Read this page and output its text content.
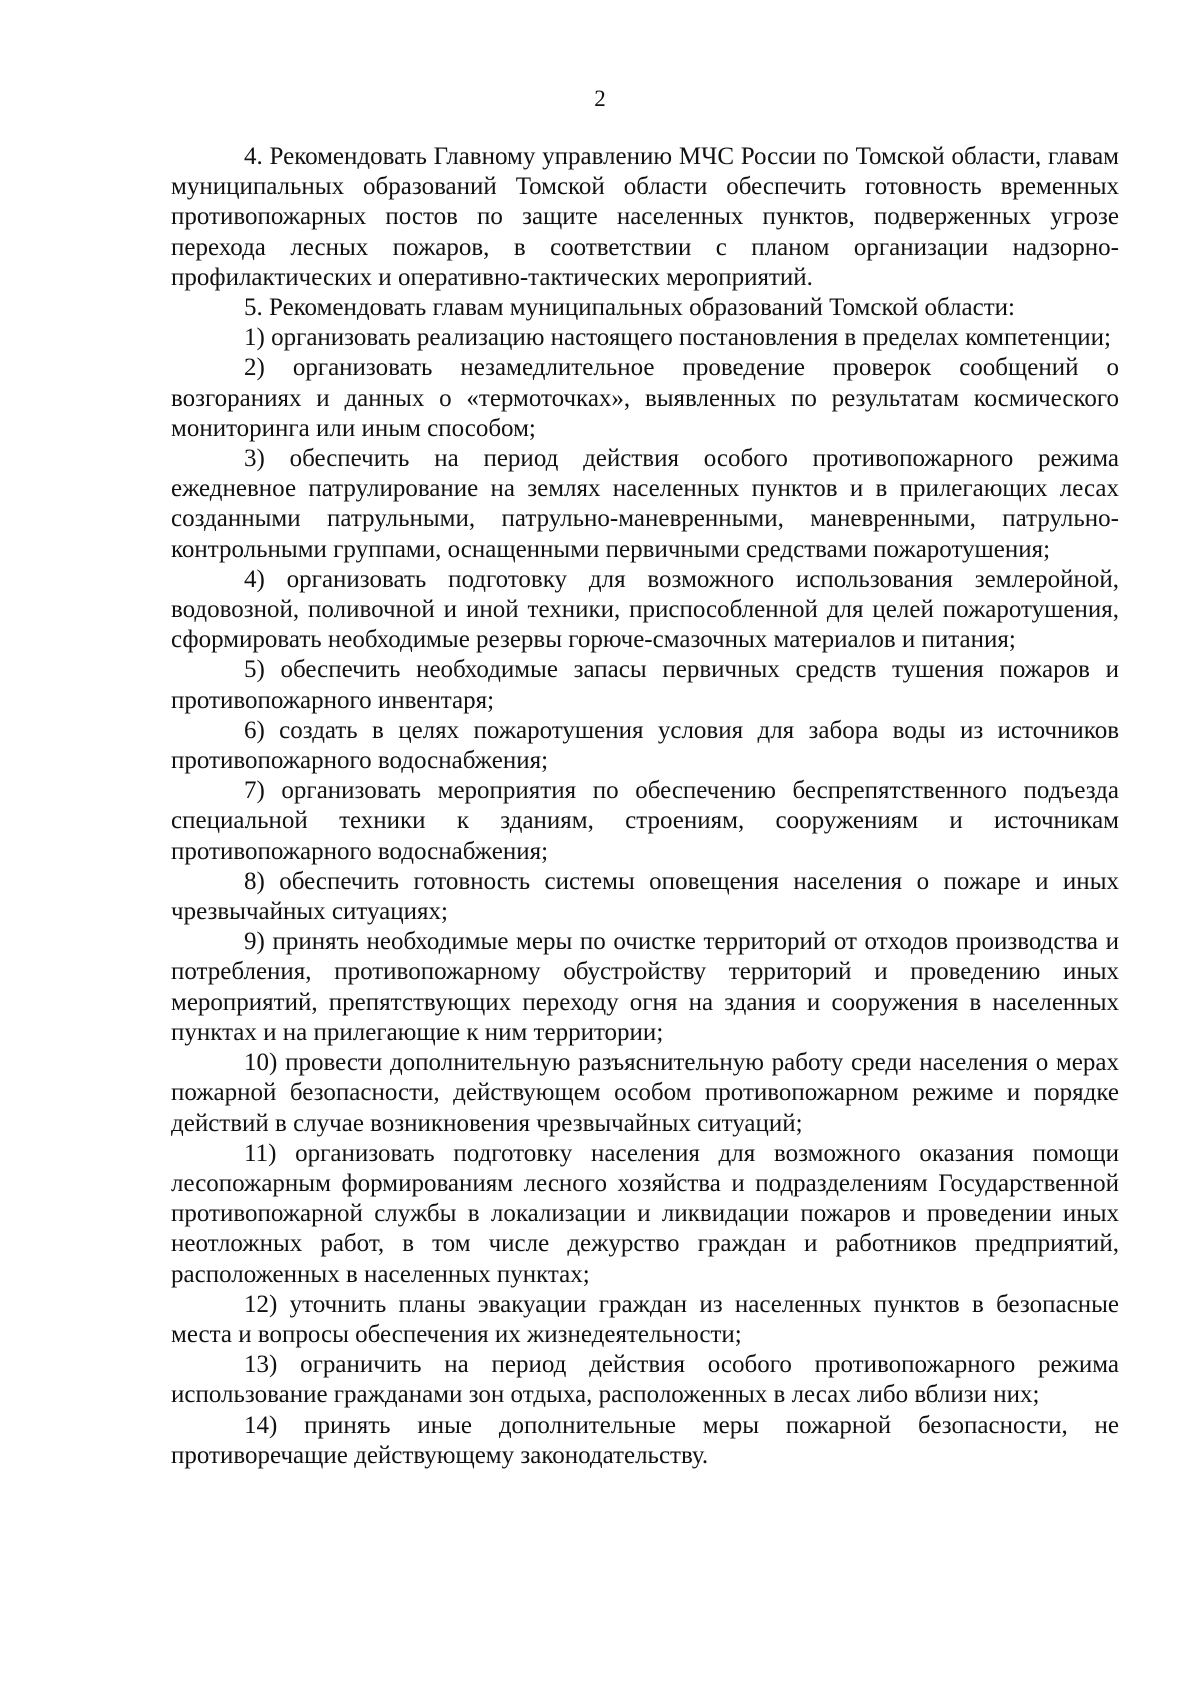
2

4. Рекомендовать Главному управлению МЧС России по Томской области, главам муниципальных образований Томской области обеспечить готовность временных противопожарных постов по защите населенных пунктов, подверженных угрозе перехода лесных пожаров, в соответствии с планом организации надзорно-профилактических и оперативно-тактических мероприятий.

5. Рекомендовать главам муниципальных образований Томской области:

1) организовать реализацию настоящего постановления в пределах компетенции;

2) организовать незамедлительное проведение проверок сообщений о возгораниях и данных о «термоточках», выявленных по результатам космического мониторинга или иным способом;

3) обеспечить на период действия особого противопожарного режима ежедневное патрулирование на землях населенных пунктов и в прилегающих лесах созданными патрульными, патрульно-маневренными, маневренными, патрульно-контрольными группами, оснащенными первичными средствами пожаротушения;

4) организовать подготовку для возможного использования землеройной, водовозной, поливочной и иной техники, приспособленной для целей пожаротушения, сформировать необходимые резервы горюче-смазочных материалов и питания;

5) обеспечить необходимые запасы первичных средств тушения пожаров и противопожарного инвентаря;

6) создать в целях пожаротушения условия для забора воды из источников противопожарного водоснабжения;

7) организовать мероприятия по обеспечению беспрепятственного подъезда специальной техники к зданиям, строениям, сооружениям и источникам противопожарного водоснабжения;

8) обеспечить готовность системы оповещения населения о пожаре и иных чрезвычайных ситуациях;

9) принять необходимые меры по очистке территорий от отходов производства и потребления, противопожарному обустройству территорий и проведению иных мероприятий, препятствующих переходу огня на здания и сооружения в населенных пунктах и на прилегающие к ним территории;

10) провести дополнительную разъяснительную работу среди населения о мерах пожарной безопасности, действующем особом противопожарном режиме и порядке действий в случае возникновения чрезвычайных ситуаций;

11) организовать подготовку населения для возможного оказания помощи лесопожарным формированиям лесного хозяйства и подразделениям Государственной противопожарной службы в локализации и ликвидации пожаров и проведении иных неотложных работ, в том числе дежурство граждан и работников предприятий, расположенных в населенных пунктах;

12) уточнить планы эвакуации граждан из населенных пунктов в безопасные места и вопросы обеспечения их жизнедеятельности;

13) ограничить на период действия особого противопожарного режима использование гражданами зон отдыха, расположенных в лесах либо вблизи них;

14) принять иные дополнительные меры пожарной безопасности, не противоречащие действующему законодательству.
